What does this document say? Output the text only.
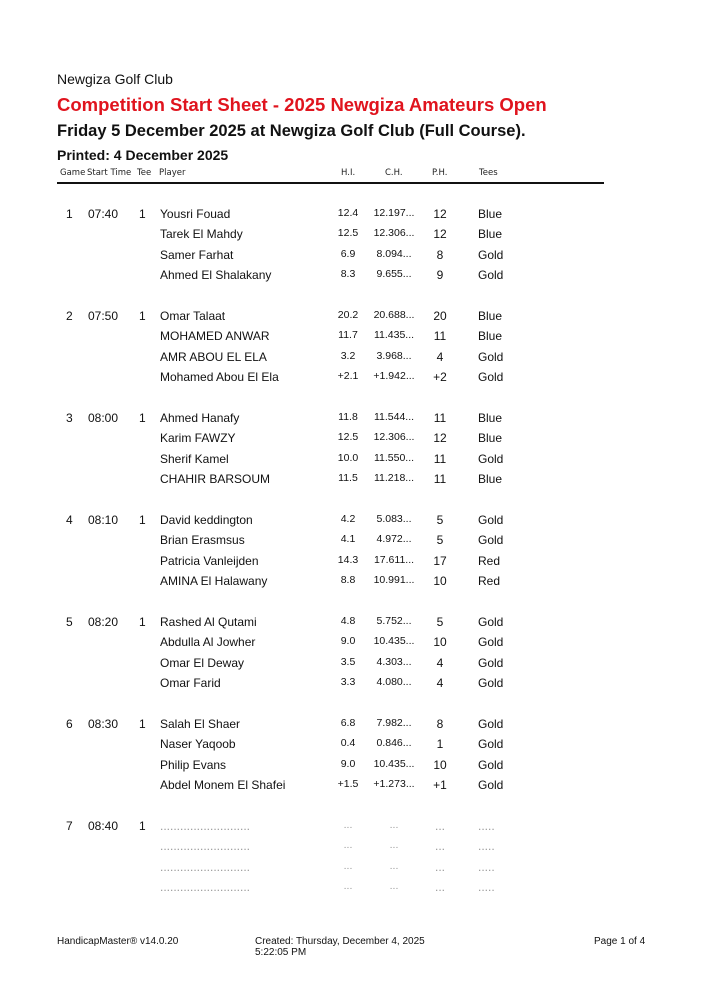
Newgiza Golf Club
Competition Start Sheet - 2025 Newgiza Amateurs Open
Friday 5 December 2025 at Newgiza Golf Club (Full Course).
Printed: 4 December 2025
Game Start Time Tee Player	H.I.	C.H.	P.H.	Tees
1 07:40 1 Yousri Fouad	12.4	12.197...	12	Blue
Tarek El Mahdy	12.5	12.306...	12	Blue
Samer Farhat	6.9	8.094...	8	Gold
Ahmed El Shalakany	8.3	9.655...	9	Gold
2 07:50 1 Omar Talaat	20.2	20.688...	20	Blue
MOHAMED ANWAR	11.7	11.435...	11	Blue
AMR ABOU EL ELA	3.2	3.968...	4	Gold
Mohamed Abou El Ela	+2.1	+1.942...	+2	Gold
3 08:00 1 Ahmed Hanafy	11.8	11.544...	11	Blue
Karim FAWZY	12.5	12.306...	12	Blue
Sherif Kamel	10.0	11.550...	11	Gold
CHAHIR BARSOUM	11.5	11.218...	11	Blue
4 08:10 1 David keddington	4.2	5.083...	5	Gold
Brian Erasmsus	4.1	4.972...	5	Gold
Patricia Vanleijden	14.3	17.611...	17	Red
AMINA El Halawany	8.8	10.991...	10	Red
5 08:20 1 Rashed Al Qutami	4.8	5.752...	5	Gold
Abdulla Al Jowher	9.0	10.435...	10	Gold
Omar El Deway	3.5	4.303...	4	Gold
Omar Farid	3.3	4.080...	4	Gold
6 08:30 1 Salah El Shaer	6.8	7.982...	8	Gold
Naser Yaqoob	0.4	0.846...	1	Gold
Philip Evans	9.0	10.435...	10	Gold
Abdel Monem El Shafei	+1.5	+1.273...	+1	Gold
7 08:40 1 ...........................	...	...	...	.....
...........................	...	...	...	.....
...........................	...	...	...	.....
...........................	...	...	...	.....
HandicapMaster® v14.0.20	Created: Thursday, December 4, 2025
5:22:05 PM
Page 1 of 4
